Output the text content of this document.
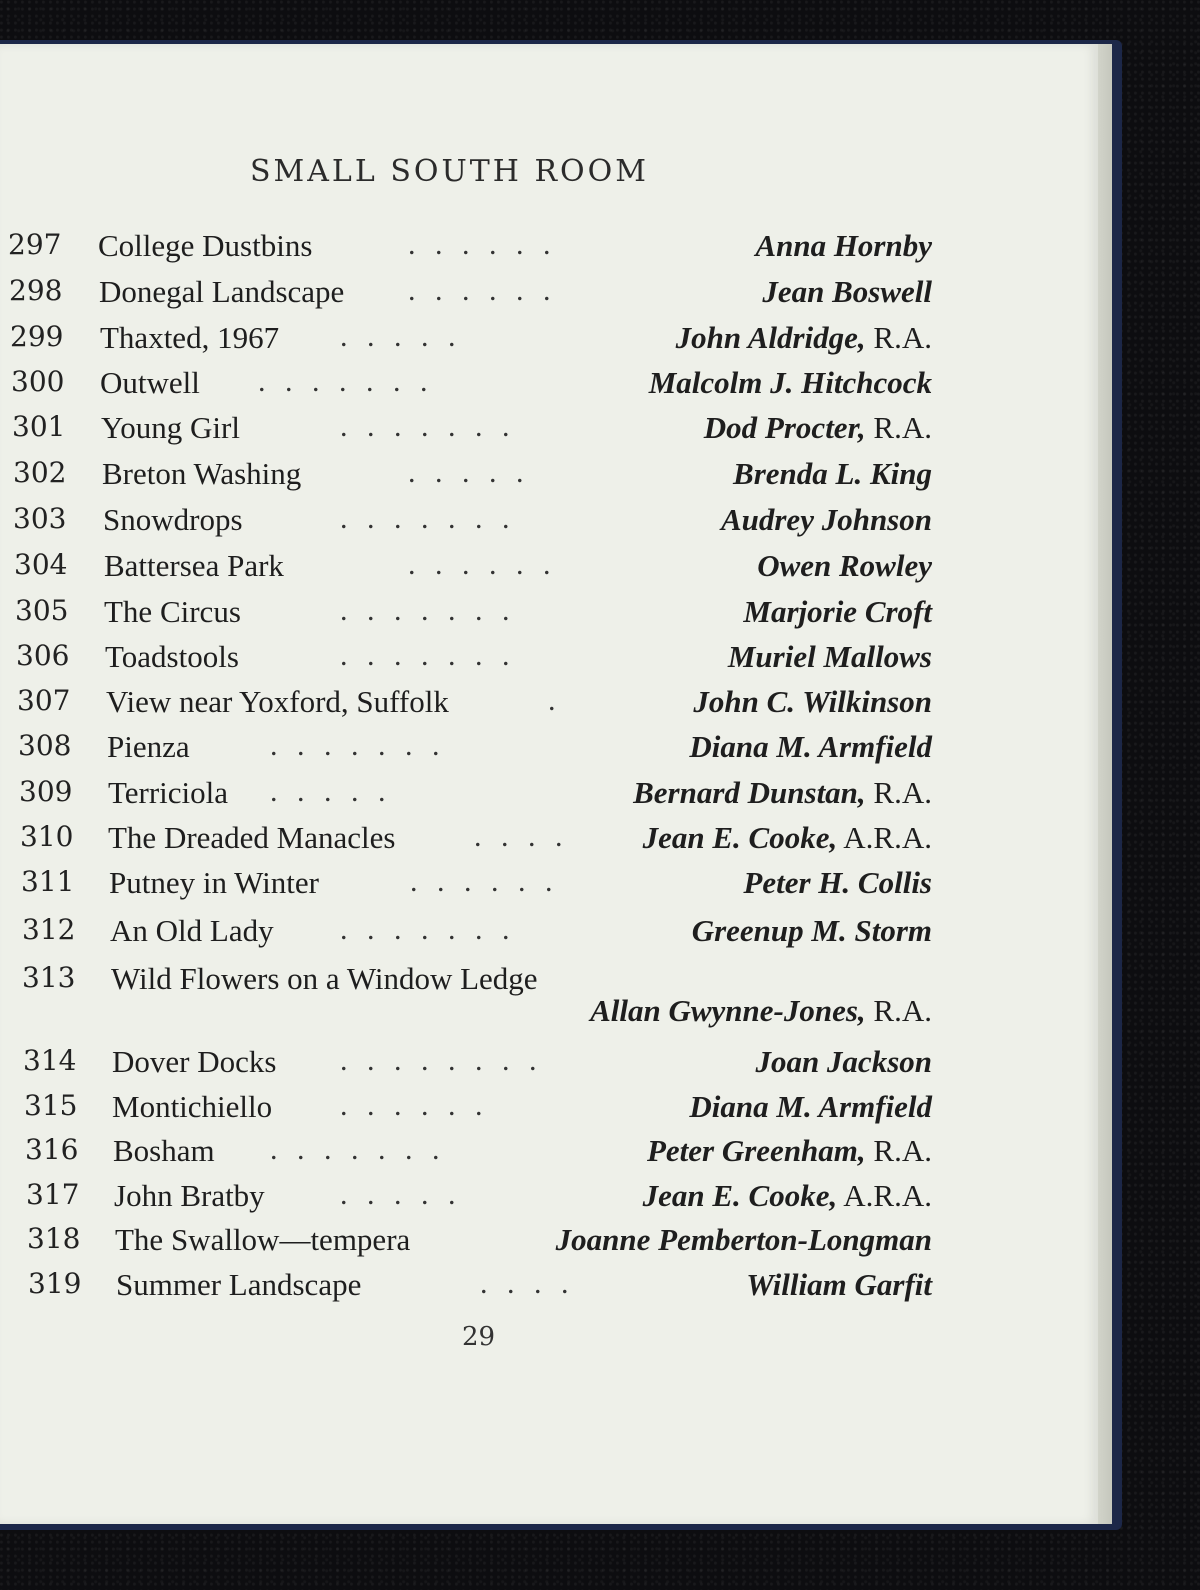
SMALL SOUTH ROOM
297 College Dustbins	. . . . . .	Anna Hornby
298 Donegal Landscape . . . . . .	Jean Boswell
299 Thaxted, 1967 . . . . .	John Aldridge, R.A.
300 Outwell . . . . . . .	Malcolm J. Hitchcock
301 Young Girl	. . . . . . .	Dod Procter, R.A.
302 Breton Washing	. . . . .	Brenda L. King
303 Snowdrops	. . . . . . .	Audrey Johnson
304 Battersea Park	. . . . . .	Owen Rowley
305 The Circus	. . . . . . .	Marjorie Croft
306 Toadstools	. . . . . . .	Muriel Mallows
307 View near Yoxford, Suffolk	.	John C. Wilkinson
308 Pienza	. . . . . . .	Diana M. Armfield
309 Terriciola . . . . .	Bernard Dunstan, R.A.
310 The Dreaded Manacles	. . . . Jean E. Cooke, A.R.A.
311 Putney in Winter	. . . . . .	Peter H. Collis
312 An Old Lady . . . . . . .	Greenup M. Storm
313 Wild Flowers on a Window Ledge
Allan Gwynne-Jones, R.A.
314 Dover Docks . . . . . . . .	Joan Jackson
315 Montichiello . . . . . .	Diana M. Armfield
316 Bosham . . . . . . .	Peter Greenham, R.A.
317 John Bratby	. . . . .	Jean E. Cooke, A.R.A.
318 The Swallow—tempera	Joanne Pemberton-Longman
319 Summer Landscape	. . . .	William Garfit
29
